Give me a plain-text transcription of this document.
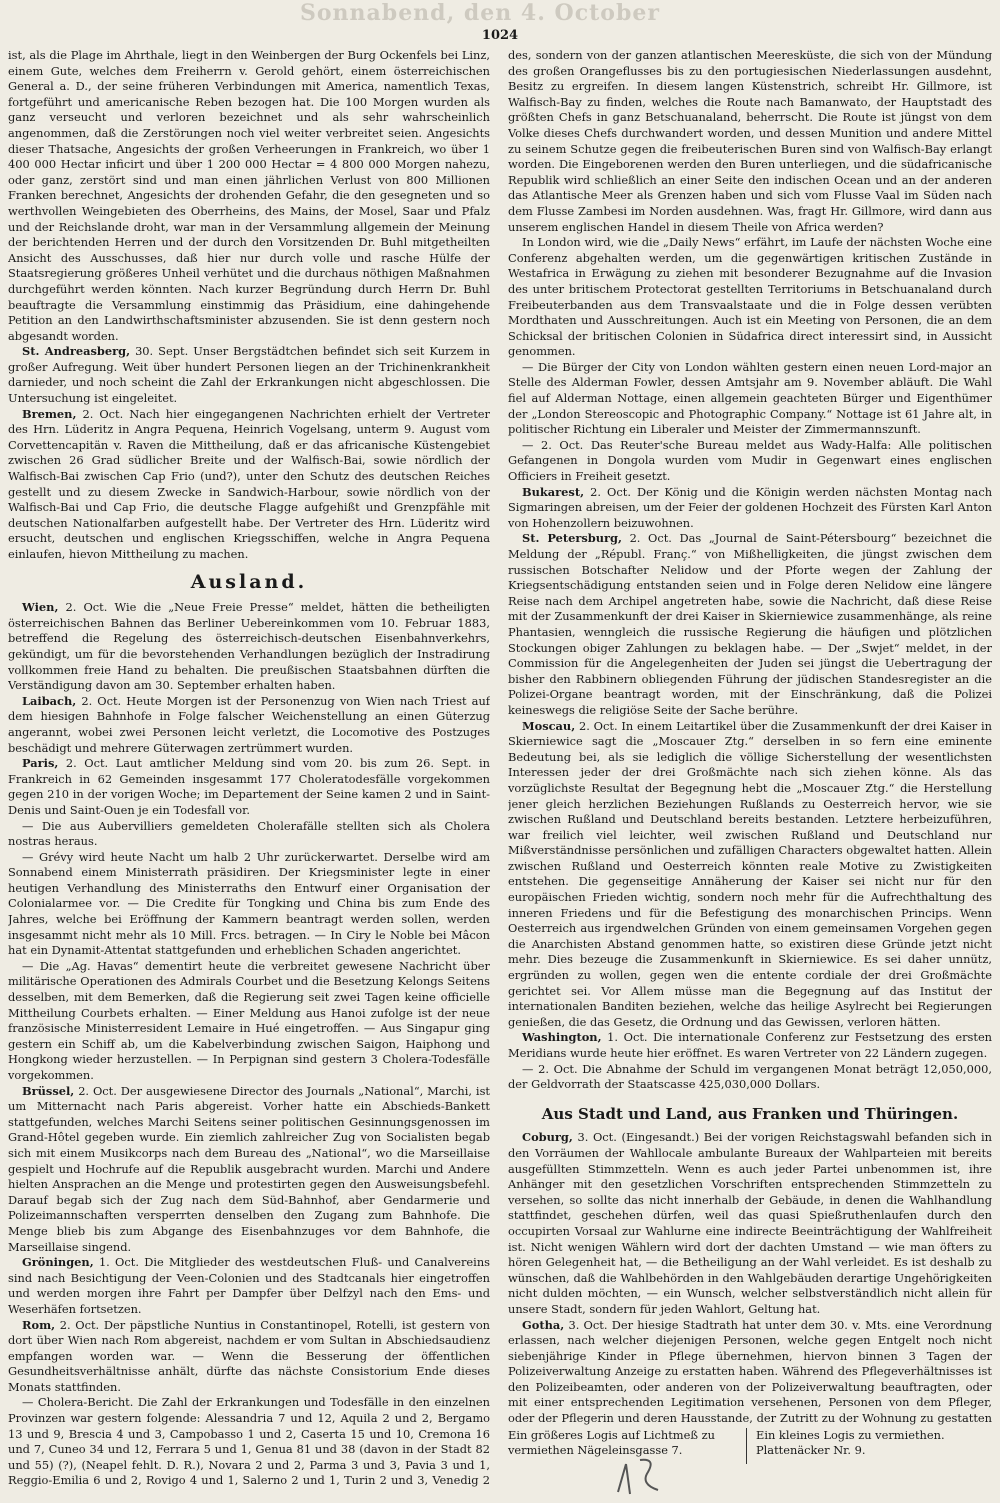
Sonnabend, den 4. October
1024

ist, als die Plage im Ahrthale, liegt in den Weinbergen der Burg Ockenfels bei Linz, einem Gute, welches dem Freiherrn v. Gerold gehört, einem österreichischen General a. D., der seine früheren Verbindungen mit America, namentlich Texas, fortgeführt und americanische Reben bezogen hat. Die 100 Morgen wurden als ganz verseucht und verloren bezeichnet und als sehr wahrscheinlich angenommen, daß die Zerstörungen noch viel weiter verbreitet seien. Angesichts dieser Thatsache, Angesichts der großen Verheerungen in Frankreich, wo über 1 400 000 Hectar inficirt und über 1 200 000 Hectar = 4 800 000 Morgen nahezu, oder ganz, zerstört sind und man einen jährlichen Verlust von 800 Millionen Franken berechnet, Angesichts der drohenden Gefahr, die den gesegneten und so werthvollen Weingebieten des Oberrheins, des Mains, der Mosel, Saar und Pfalz und der Reichslande droht, war man in der Versammlung allgemein der Meinung der berichtenden Herren und der durch den Vorsitzenden Dr. Buhl mitgetheilten Ansicht des Ausschusses, daß hier nur durch volle und rasche Hülfe der Staatsregierung größeres Unheil verhütet und die durchaus nöthigen Maßnahmen durchgeführt werden könnten. Nach kurzer Begründung durch Herrn Dr. Buhl beauftragte die Versammlung einstimmig das Präsidium, eine dahingehende Petition an den Landwirthschaftsminister abzusenden. Sie ist denn gestern noch abgesandt worden.

St. Andreasberg, 30. Sept. Unser Bergstädtchen befindet sich seit Kurzem in großer Aufregung. Weit über hundert Personen liegen an der Trichinenkrankheit darnieder, und noch scheint die Zahl der Erkrankungen nicht abgeschlossen. Die Untersuchung ist eingeleitet.

Bremen, 2. Oct. Nach hier eingegangenen Nachrichten erhielt der Vertreter des Hrn. Lüderitz in Angra Pequena, Heinrich Vogelsang, unterm 9. August vom Corvettencapitän v. Raven die Mittheilung, daß er das africanische Küstengebiet zwischen 26 Grad südlicher Breite und der Walfisch-Bai, sowie nördlich der Walfisch-Bai zwischen Cap Frio (und?), unter den Schutz des deutschen Reiches gestellt und zu diesem Zwecke in Sandwich-Harbour, sowie nördlich von der Walfisch-Bai und Cap Frio, die deutsche Flagge aufgehißt und Grenzpfähle mit deutschen Nationalfarben aufgestellt habe. Der Vertreter des Hrn. Lüderitz wird ersucht, deutschen und englischen Kriegsschiffen, welche in Angra Pequena einlaufen, hievon Mittheilung zu machen.

Ausland.

Wien, 2. Oct. Wie die „Neue Freie Presse“ meldet, hätten die betheiligten österreichischen Bahnen das Berliner Uebereinkommen vom 10. Februar 1883, betreffend die Regelung des österreichisch-deutschen Eisenbahnverkehrs, gekündigt, um für die bevorstehenden Verhandlungen bezüglich der Instradirung vollkommen freie Hand zu behalten. Die preußischen Staatsbahnen dürften die Verständigung davon am 30. September erhalten haben.

Laibach, 2. Oct. Heute Morgen ist der Personenzug von Wien nach Triest auf dem hiesigen Bahnhofe in Folge falscher Weichenstellung an einen Güterzug angerannt, wobei zwei Personen leicht verletzt, die Locomotive des Postzuges beschädigt und mehrere Güterwagen zertrümmert wurden.

Paris, 2. Oct. Laut amtlicher Meldung sind vom 20. bis zum 26. Sept. in Frankreich in 62 Gemeinden insgesammt 177 Choleratodesfälle vorgekommen gegen 210 in der vorigen Woche; im Departement der Seine kamen 2 und in Saint-Denis und Saint-Ouen je ein Todesfall vor.

— Die aus Aubervilliers gemeldeten Cholerafälle stellten sich als Cholera nostras heraus.

— Grévy wird heute Nacht um halb 2 Uhr zurückerwartet. Derselbe wird am Sonnabend einem Ministerrath präsidiren. Der Kriegsminister legte in einer heutigen Verhandlung des Ministerraths den Entwurf einer Organisation der Colonialarmee vor. — Die Credite für Tongking und China bis zum Ende des Jahres, welche bei Eröffnung der Kammern beantragt werden sollen, werden insgesammt nicht mehr als 10 Mill. Frcs. betragen. — In Ciry le Noble bei Mâcon hat ein Dynamit-Attentat stattgefunden und erheblichen Schaden angerichtet.

— Die „Ag. Havas“ dementirt heute die verbreitet gewesene Nachricht über militärische Operationen des Admirals Courbet und die Besetzung Kelongs Seitens desselben, mit dem Bemerken, daß die Regierung seit zwei Tagen keine officielle Mittheilung Courbets erhalten. — Einer Meldung aus Hanoi zufolge ist der neue französische Ministerresident Lemaire in Hué eingetroffen. — Aus Singapur ging gestern ein Schiff ab, um die Kabelverbindung zwischen Saigon, Haiphong und Hongkong wieder herzustellen. — In Perpignan sind gestern 3 Cholera-Todesfälle vorgekommen.

Brüssel, 2. Oct. Der ausgewiesene Director des Journals „National“, Marchi, ist um Mitternacht nach Paris abgereist. Vorher hatte ein Abschieds-Bankett stattgefunden, welches Marchi Seitens seiner politischen Gesinnungsgenossen im Grand-Hôtel gegeben wurde. Ein ziemlich zahlreicher Zug von Socialisten begab sich mit einem Musikcorps nach dem Bureau des „National“, wo die Marseillaise gespielt und Hochrufe auf die Republik ausgebracht wurden. Marchi und Andere hielten Ansprachen an die Menge und protestirten gegen den Ausweisungsbefehl. Darauf begab sich der Zug nach dem Süd-Bahnhof, aber Gendarmerie und Polizeimannschaften versperrten denselben den Zugang zum Bahnhofe. Die Menge blieb bis zum Abgange des Eisenbahnzuges vor dem Bahnhofe, die Marseillaise singend.

Gröningen, 1. Oct. Die Mitglieder des westdeutschen Fluß- und Canalvereins sind nach Besichtigung der Veen-Colonien und des Stadtcanals hier eingetroffen und werden morgen ihre Fahrt per Dampfer über Delfzyl nach den Ems- und Weserhäfen fortsetzen.

Rom, 2. Oct. Der päpstliche Nuntius in Constantinopel, Rotelli, ist gestern von dort über Wien nach Rom abgereist, nachdem er vom Sultan in Abschiedsaudienz empfangen worden war. — Wenn die Besserung der öffentlichen Gesundheitsverhältnisse anhält, dürfte das nächste Consistorium Ende dieses Monats stattfinden.

— Cholera-Bericht. Die Zahl der Erkrankungen und Todesfälle in den einzelnen Provinzen war gestern folgende: Alessandria 7 und 12, Aquila 2 und 2, Bergamo 13 und 9, Brescia 4 und 3, Campobasso 1 und 2, Caserta 15 und 10, Cremona 16 und 7, Cuneo 34 und 12, Ferrara 5 und 1, Genua 81 und 38 (davon in der Stadt 82 und 55) (?), (Neapel fehlt. D. R.), Novara 2 und 2, Parma 3 und 3, Pavia 3 und 1, Reggio-Emilia 6 und 2, Rovigo 4 und 1, Salerno 2 und 1, Turin 2 und 3, Venedig 2

des, sondern von der ganzen atlantischen Meeresküste, die sich von der Mündung des großen Orangeflusses bis zu den portugiesischen Niederlassungen ausdehnt, Besitz zu ergreifen. In diesem langen Küstenstrich, schreibt Hr. Gillmore, ist Walfisch-Bay zu finden, welches die Route nach Bamanwato, der Hauptstadt des größten Chefs in ganz Betschuanaland, beherrscht. Die Route ist jüngst von dem Volke dieses Chefs durchwandert worden, und dessen Munition und andere Mittel zu seinem Schutze gegen die freibeuterischen Buren sind von Walfisch-Bay erlangt worden. Die Eingeborenen werden den Buren unterliegen, und die südafricanische Republik wird schließlich an einer Seite den indischen Ocean und an der anderen das Atlantische Meer als Grenzen haben und sich vom Flusse Vaal im Süden nach dem Flusse Zambesi im Norden ausdehnen. Was, fragt Hr. Gillmore, wird dann aus unserem englischen Handel in diesem Theile von Africa werden?

In London wird, wie die „Daily News“ erfährt, im Laufe der nächsten Woche eine Conferenz abgehalten werden, um die gegenwärtigen kritischen Zustände in Westafrica in Erwägung zu ziehen mit besonderer Bezugnahme auf die Invasion des unter britischem Protectorat gestellten Territoriums in Betschuanaland durch Freibeuterbanden aus dem Transvaalstaate und die in Folge dessen verübten Mordthaten und Ausschreitungen. Auch ist ein Meeting von Personen, die an dem Schicksal der britischen Colonien in Südafrica direct interessirt sind, in Aussicht genommen.

— Die Bürger der City von London wählten gestern einen neuen Lord-major an Stelle des Alderman Fowler, dessen Amtsjahr am 9. November abläuft. Die Wahl fiel auf Alderman Nottage, einen allgemein geachteten Bürger und Eigenthümer der „London Stereoscopic and Photographic Company.“ Nottage ist 61 Jahre alt, in politischer Richtung ein Liberaler und Meister der Zimmermannszunft.

— 2. Oct. Das Reuter'sche Bureau meldet aus Wady-Halfa: Alle politischen Gefangenen in Dongola wurden vom Mudir in Gegenwart eines englischen Officiers in Freiheit gesetzt.

Bukarest, 2. Oct. Der König und die Königin werden nächsten Montag nach Sigmaringen abreisen, um der Feier der goldenen Hochzeit des Fürsten Karl Anton von Hohenzollern beizuwohnen.

St. Petersburg, 2. Oct. Das „Journal de Saint-Pétersbourg“ bezeichnet die Meldung der „Républ. Franç.“ von Mißhelligkeiten, die jüngst zwischen dem russischen Botschafter Nelidow und der Pforte wegen der Zahlung der Kriegsentschädigung entstanden seien und in Folge deren Nelidow eine längere Reise nach dem Archipel angetreten habe, sowie die Nachricht, daß diese Reise mit der Zusammenkunft der drei Kaiser in Skierniewice zusammenhänge, als reine Phantasien, wenngleich die russische Regierung die häufigen und plötzlichen Stockungen obiger Zahlungen zu beklagen habe. — Der „Swjet“ meldet, in der Commission für die Angelegenheiten der Juden sei jüngst die Uebertragung der bisher den Rabbinern obliegenden Führung der jüdischen Standesregister an die Polizei-Organe beantragt worden, mit der Einschränkung, daß die Polizei keineswegs die religiöse Seite der Sache berühre.

Moscau, 2. Oct. In einem Leitartikel über die Zusammenkunft der drei Kaiser in Skierniewice sagt die „Moscauer Ztg.“ derselben in so fern eine eminente Bedeutung bei, als sie lediglich die völlige Sicherstellung der wesentlichsten Interessen jeder der drei Großmächte nach sich ziehen könne. Als das vorzüglichste Resultat der Begegnung hebt die „Moscauer Ztg.“ die Herstellung jener gleich herzlichen Beziehungen Rußlands zu Oesterreich hervor, wie sie zwischen Rußland und Deutschland bereits bestanden. Letztere herbeizuführen, war freilich viel leichter, weil zwischen Rußland und Deutschland nur Mißverständnisse persönlichen und zufälligen Characters obgewaltet hatten. Allein zwischen Rußland und Oesterreich könnten reale Motive zu Zwistigkeiten entstehen. Die gegenseitige Annäherung der Kaiser sei nicht nur für den europäischen Frieden wichtig, sondern noch mehr für die Aufrechthaltung des inneren Friedens und für die Befestigung des monarchischen Princips. Wenn Oesterreich aus irgendwelchen Gründen von einem gemeinsamen Vorgehen gegen die Anarchisten Abstand genommen hatte, so existiren diese Gründe jetzt nicht mehr. Dies bezeuge die Zusammenkunft in Skierniewice. Es sei daher unnütz, ergründen zu wollen, gegen wen die entente cordiale der drei Großmächte gerichtet sei. Vor Allem müsse man die Begegnung auf das Institut der internationalen Banditen beziehen, welche das heilige Asylrecht bei Regierungen genießen, die das Gesetz, die Ordnung und das Gewissen, verloren hätten.

Washington, 1. Oct. Die internationale Conferenz zur Festsetzung des ersten Meridians wurde heute hier eröffnet. Es waren Vertreter von 22 Ländern zugegen.

— 2. Oct. Die Abnahme der Schuld im vergangenen Monat beträgt 12,050,000, der Geldvorrath der Staatscasse 425,030,000 Dollars.

Aus Stadt und Land, aus Franken und Thüringen.

Coburg, 3. Oct. (Eingesandt.) Bei der vorigen Reichstagswahl befanden sich in den Vorräumen der Wahllocale ambulante Bureaux der Wahlparteien mit bereits ausgefüllten Stimmzetteln. Wenn es auch jeder Partei unbenommen ist, ihre Anhänger mit den gesetzlichen Vorschriften entsprechenden Stimmzetteln zu versehen, so sollte das nicht innerhalb der Gebäude, in denen die Wahlhandlung stattfindet, geschehen dürfen, weil das quasi Spießruthenlaufen durch den occupirten Vorsaal zur Wahlurne eine indirecte Beeinträchtigung der Wahlfreiheit ist. Nicht wenigen Wählern wird dort der dachten Umstand — wie man öfters zu hören Gelegenheit hat, — die Betheiligung an der Wahl verleidet. Es ist deshalb zu wünschen, daß die Wahlbehörden in den Wahlgebäuden derartige Ungehörigkeiten nicht dulden möchten, — ein Wunsch, welcher selbstverständlich nicht allein für unsere Stadt, sondern für jeden Wahlort, Geltung hat.

Gotha, 3. Oct. Der hiesige Stadtrath hat unter dem 30. v. Mts. eine Verordnung erlassen, nach welcher diejenigen Personen, welche gegen Entgelt noch nicht siebenjährige Kinder in Pflege übernehmen, hiervon binnen 3 Tagen der Polizeiverwaltung Anzeige zu erstatten haben. Während des Pflegeverhältnisses ist den Polizeibeamten, oder anderen von der Polizeiverwaltung beauftragten, oder mit einer entsprechenden Legitimation versehenen, Personen von dem Pfleger, oder der Pflegerin und deren Hausstande, der Zutritt zu der Wohnung zu gestatten

Ein größeres Logis auf Lichtmeß zu vermiethen Nägeleinsgasse 7.
Ein kleines Logis zu vermiethen. Plattenäcker Nr. 9.
